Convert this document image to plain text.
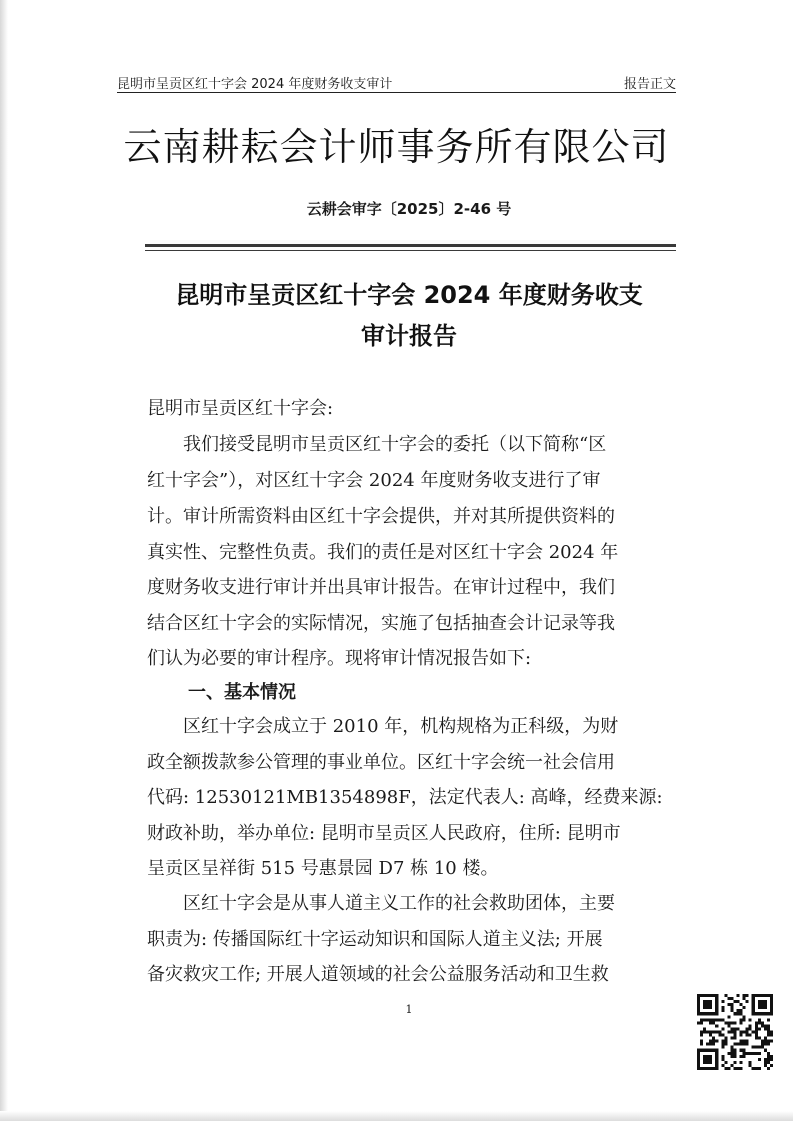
昆明市呈贡区红十字会 2024 年度财务收支审计	报告正文
云南耕耘会计师事务所有限公司
云耕会审字〔2025〕2-46 号
昆明市呈贡区红十字会 2024 年度财务收支
审计报告
昆明市呈贡区红十字会:
　　我们接受昆明市呈贡区红十字会的委托（以下简称“区
红十字会”），对区红十字会 2024 年度财务收支进行了审
计。审计所需资料由区红十字会提供，并对其所提供资料的
真实性、完整性负责。我们的责任是对区红十字会 2024 年
度财务收支进行审计并出具审计报告。在审计过程中，我们
结合区红十字会的实际情况，实施了包括抽查会计记录等我
们认为必要的审计程序。现将审计情况报告如下:
一、基本情况
　　区红十字会成立于 2010 年，机构规格为正科级，为财
政全额拨款参公管理的事业单位。区红十字会统一社会信用
代码: 12530121MB1354898F，法定代表人: 高峰，经费来源:
财政补助，举办单位: 昆明市呈贡区人民政府，住所: 昆明市
呈贡区呈祥街 515 号惠景园 D7 栋 10 楼。
　　区红十字会是从事人道主义工作的社会救助团体，主要
职责为: 传播国际红十字运动知识和国际人道主义法; 开展
备灾救灾工作; 开展人道领域的社会公益服务活动和卫生救
1
